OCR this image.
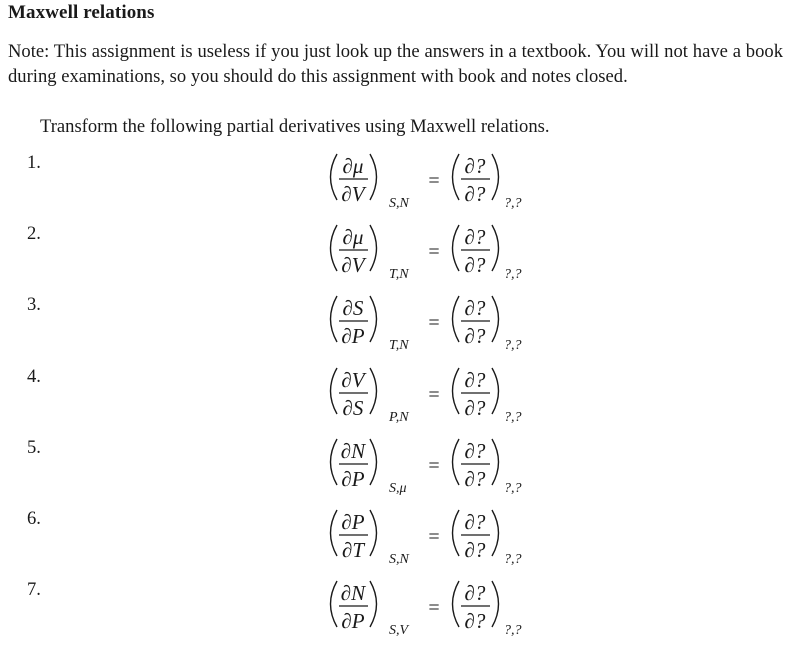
Maxwell relations
Note: This assignment is useless if you just look up the answers in a textbook. You will not have a book during examinations, so you should do this assignment with book and notes closed.
Transform the following partial derivatives using Maxwell relations.
1.	∂μ
∂V S,N
=
∂?
∂? ?,?
2.	∂μ
∂V T,N
=
∂?
∂? ?,?
3.	∂S
∂P T,N
=
∂?
∂? ?,?
4.	∂V
∂S P,N
=
∂?
∂? ?,?
5.	∂N
∂P S,μ
=
∂?
∂? ?,?
6.	∂P
∂T S,N
=
∂?
∂? ?,?
7.	∂N
∂P S,V
=
∂?
∂? ?,?
